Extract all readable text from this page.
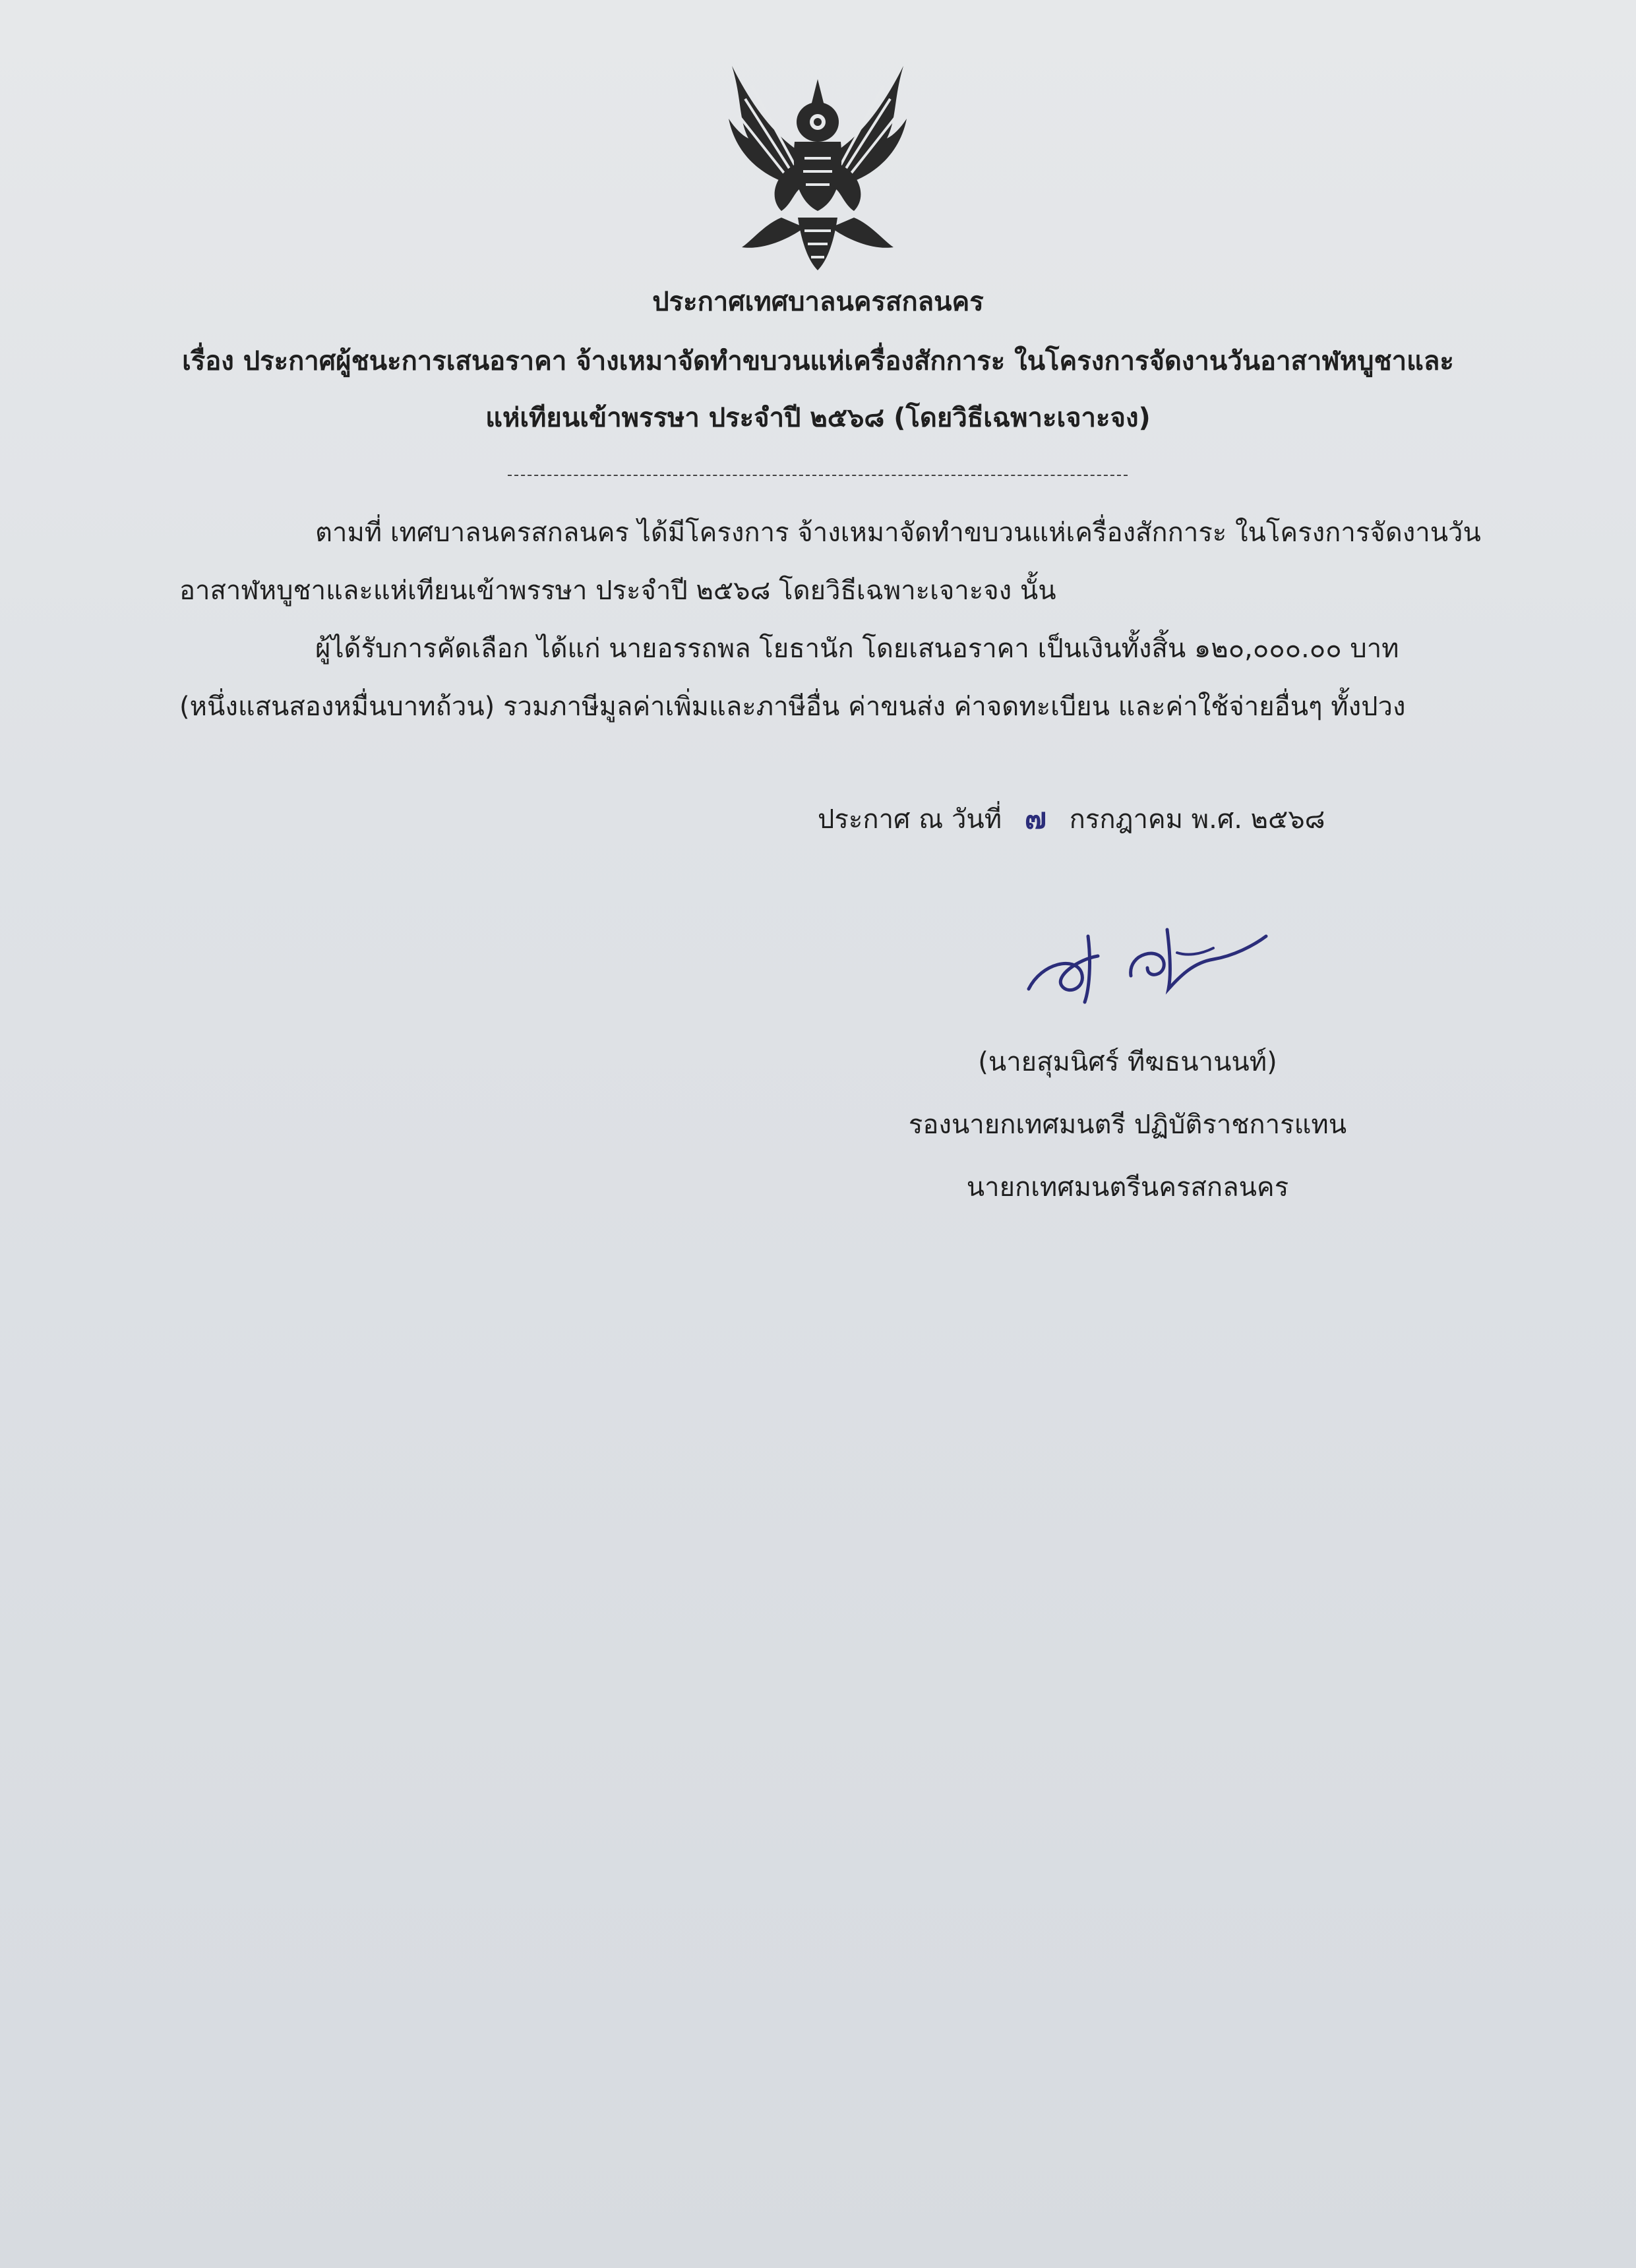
ประกาศเทศบาลนครสกลนคร
เรื่อง ประกาศผู้ชนะการเสนอราคา จ้างเหมาจัดทำขบวนแห่เครื่องสักการะ ในโครงการจัดงานวันอาสาฬหบูชาและ
แห่เทียนเข้าพรรษา ประจำปี ๒๕๖๘ (โดยวิธีเฉพาะเจาะจง)
ตามที่ เทศบาลนครสกลนคร ได้มีโครงการ จ้างเหมาจัดทำขบวนแห่เครื่องสักการะ ในโครงการจัดงานวัน
อาสาฬหบูชาและแห่เทียนเข้าพรรษา ประจำปี ๒๕๖๘ โดยวิธีเฉพาะเจาะจง นั้น
ผู้ได้รับการคัดเลือก ได้แก่ นายอรรถพล โยธานัก โดยเสนอราคา เป็นเงินทั้งสิ้น ๑๒๐,๐๐๐.๐๐ บาท
(หนึ่งแสนสองหมื่นบาทถ้วน) รวมภาษีมูลค่าเพิ่มและภาษีอื่น ค่าขนส่ง ค่าจดทะเบียน และค่าใช้จ่ายอื่นๆ ทั้งปวง
ประกาศ ณ วันที่ ๗ กรกฎาคม พ.ศ. ๒๕๖๘
(นายสุมนิศร์ ทีฆธนานนท์)
รองนายกเทศมนตรี ปฏิบัติราชการแทน
นายกเทศมนตรีนครสกลนคร
